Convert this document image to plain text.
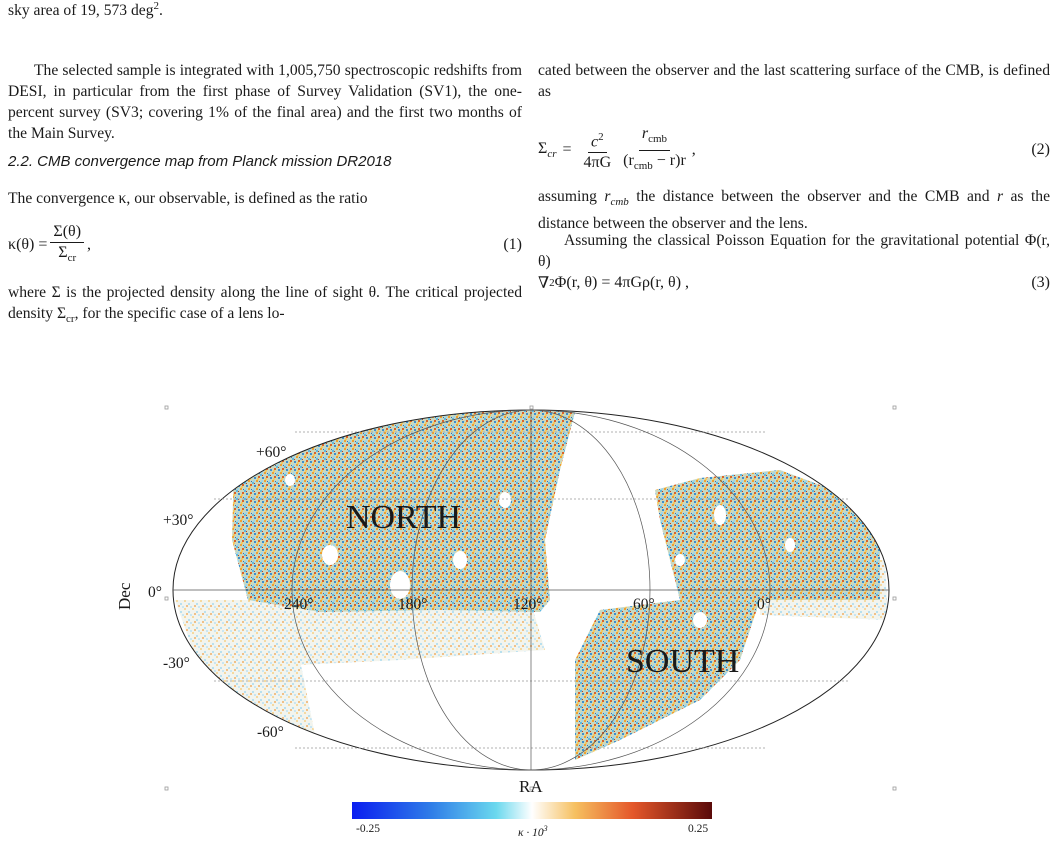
sky area of 19, 573 deg$^2$.
The selected sample is integrated with 1,005,750 spectroscopic redshifts from DESI, in particular from the first phase of Survey Validation (SV1), the one-percent survey (SV3; covering 1% of the final area) and the first two months of the Main Survey.
2.2. CMB convergence map from Planck mission DR2018
The convergence κ, our observable, is defined as the ratio
$\kappa(\theta) = \frac{\Sigma(\theta)}{\Sigma_{cr}}$ ,	(1)
where Σ is the projected density along the line of sight θ. The critical projected density $\Sigma_{cr}$, for the specific case of a lens lo-
cated between the observer and the last scattering surface of the CMB, is defined as
$\Sigma_{cr} = \frac{c^2}{4\pi G} \frac{r_{cmb}}{(r_{cmb} - r)r}$ ,	(2)
assuming $r_{cmb}$ the distance between the observer and the CMB and r as the distance between the observer and the lens.
Assuming the classical Poisson Equation for the gravitational potential Φ(r, θ)
∇ 2 Φ(r, θ) = 4πGρ(r, θ) ,	(3)
NORTH
SOUTH
+60°
+30°
0°
-30°
-60°
240°	180°	120°	60°	0°
Dec
RA
-0.25	0.25
$\kappa \cdot 10^3$
